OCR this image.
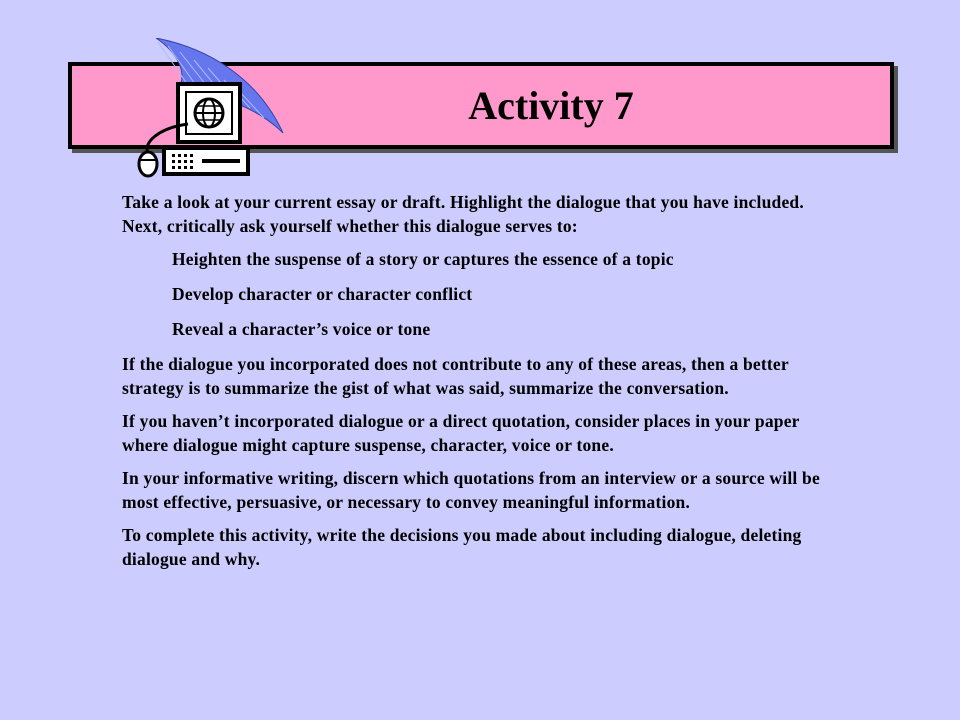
Activity 7

Take a look at your current essay or draft. Highlight the dialogue that you have included. Next, critically ask yourself whether this dialogue serves to:

Heighten the suspense of a story or captures the essence of a topic

Develop character or character conflict

Reveal a character’s voice or tone

If the dialogue you incorporated does not contribute to any of these areas, then a better strategy is to summarize the gist of what was said, summarize the conversation.

If you haven’t incorporated dialogue or a direct quotation, consider places in your paper where dialogue might capture suspense, character, voice or tone.

In your informative writing, discern which quotations from an interview or a source will be most effective, persuasive, or necessary to convey meaningful information.

To complete this activity, write the decisions you made about including dialogue, deleting dialogue and why.
